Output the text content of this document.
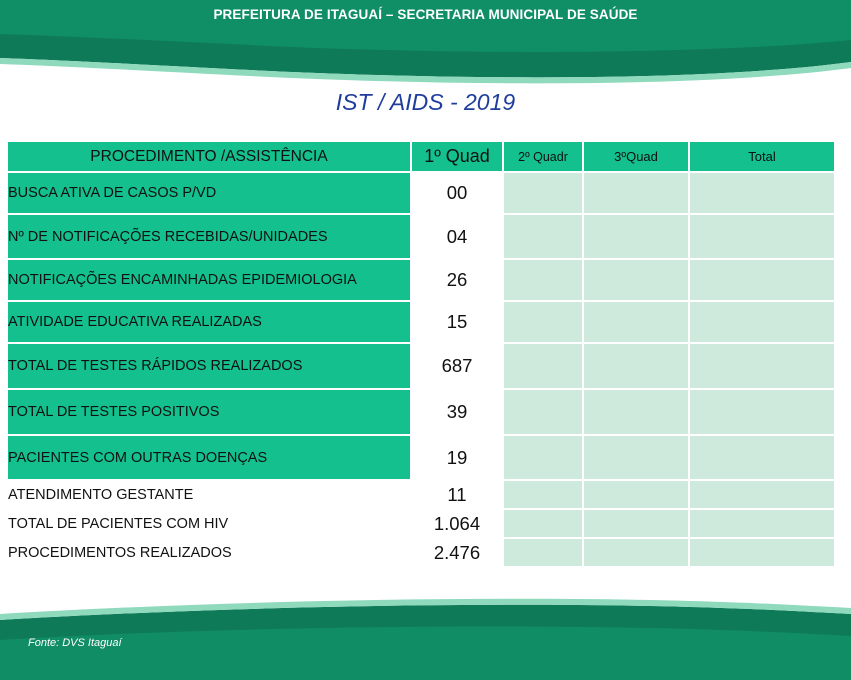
PREFEITURA DE ITAGUAÍ – SECRETARIA MUNICIPAL DE SAÚDE
IST / AIDS - 2019
PROCEDIMENTO /ASSISTÊNCIA	1º Quad	2º Quadr	3ºQuad	Total
BUSCA ATIVA DE CASOS P/VD	00			
Nº DE NOTIFICAÇÕES RECEBIDAS/UNIDADES	04			
NOTIFICAÇÕES ENCAMINHADAS EPIDEMIOLOGIA	26			
ATIVIDADE EDUCATIVA REALIZADAS	15			
TOTAL DE TESTES RÁPIDOS REALIZADOS	687			
TOTAL DE TESTES POSITIVOS	39			
PACIENTES COM OUTRAS DOENÇAS	19			
ATENDIMENTO GESTANTE	11			
TOTAL DE PACIENTES COM HIV	1.064			
PROCEDIMENTOS REALIZADOS	2.476			
Fonte: DVS Itaguaí
